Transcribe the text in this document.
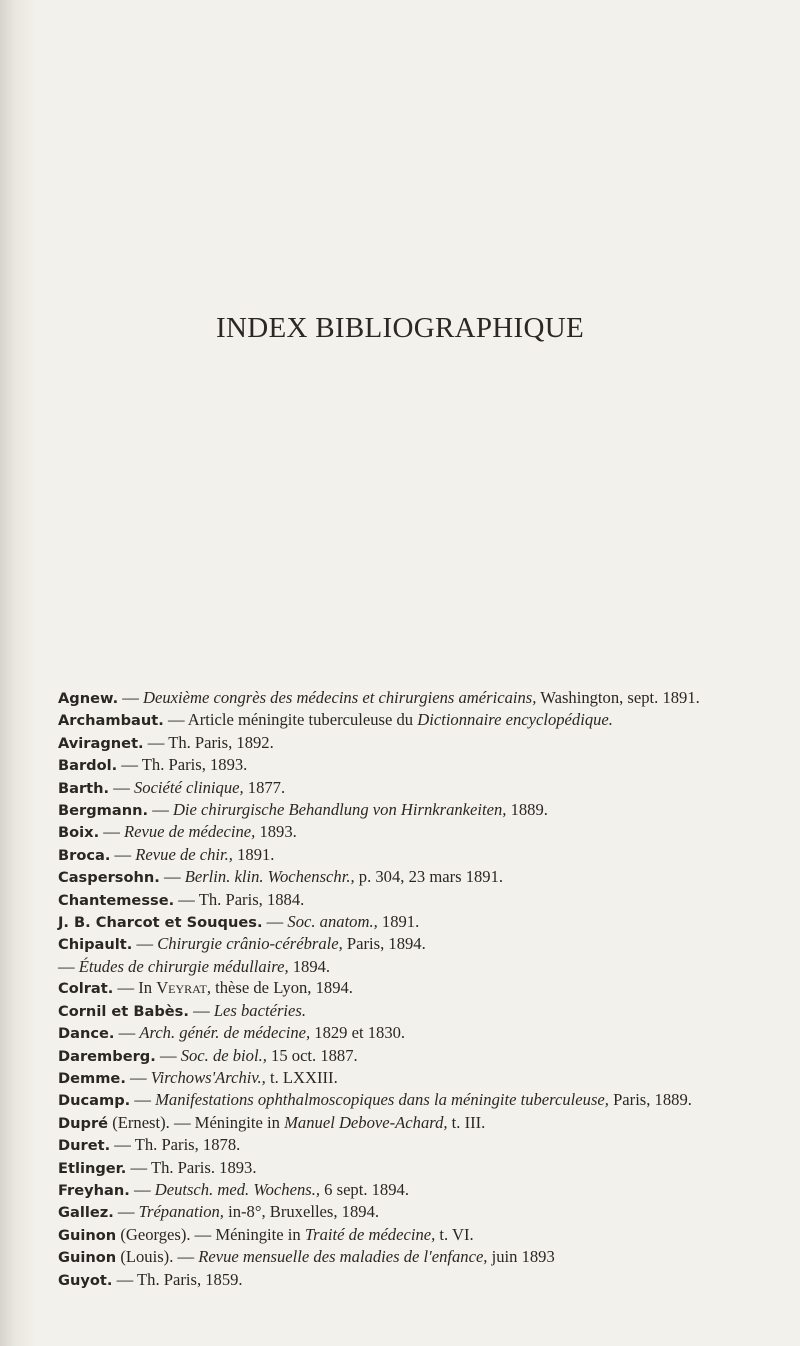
INDEX BIBLIOGRAPHIQUE
Agnew. — Deuxième congrès des médecins et chirurgiens américains, Washington, sept. 1891.
Archambaut. — Article méningite tuberculeuse du Dictionnaire encyclopédique.
Aviragnet. — Th. Paris, 1892.
Bardol. — Th. Paris, 1893.
Barth. — Société clinique, 1877.
Bergmann. — Die chirurgische Behandlung von Hirnkrankeiten, 1889.
Boix. — Revue de médecine, 1893.
Broca. — Revue de chir., 1891.
Caspersohn. — Berlin. klin. Wochenschr., p. 304, 23 mars 1891.
Chantemesse. — Th. Paris, 1884.
J. B. Charcot et Souques. — Soc. anatom., 1891.
Chipault. — Chirurgie crânio-cérébrale, Paris, 1894.
— Études de chirurgie médullaire, 1894.
Colrat. — In Veyrat, thèse de Lyon, 1894.
Cornil et Babès. — Les bactéries.
Dance. — Arch. génér. de médecine, 1829 et 1830.
Daremberg. — Soc. de biol., 15 oct. 1887.
Demme. — Virchows'Archiv., t. LXXIII.
Ducamp. — Manifestations ophthalmoscopiques dans la méningite tuberculeuse, Paris, 1889.
Dupré (Ernest). — Méningite in Manuel Debove-Achard, t. III.
Duret. — Th. Paris, 1878.
Etlinger. — Th. Paris. 1893.
Freyhan. — Deutsch. med. Wochens., 6 sept. 1894.
Gallez. — Trépanation, in-8°, Bruxelles, 1894.
Guinon (Georges). — Méningite in Traité de médecine, t. VI.
Guinon (Louis). — Revue mensuelle des maladies de l'enfance, juin 1893
Guyot. — Th. Paris, 1859.
